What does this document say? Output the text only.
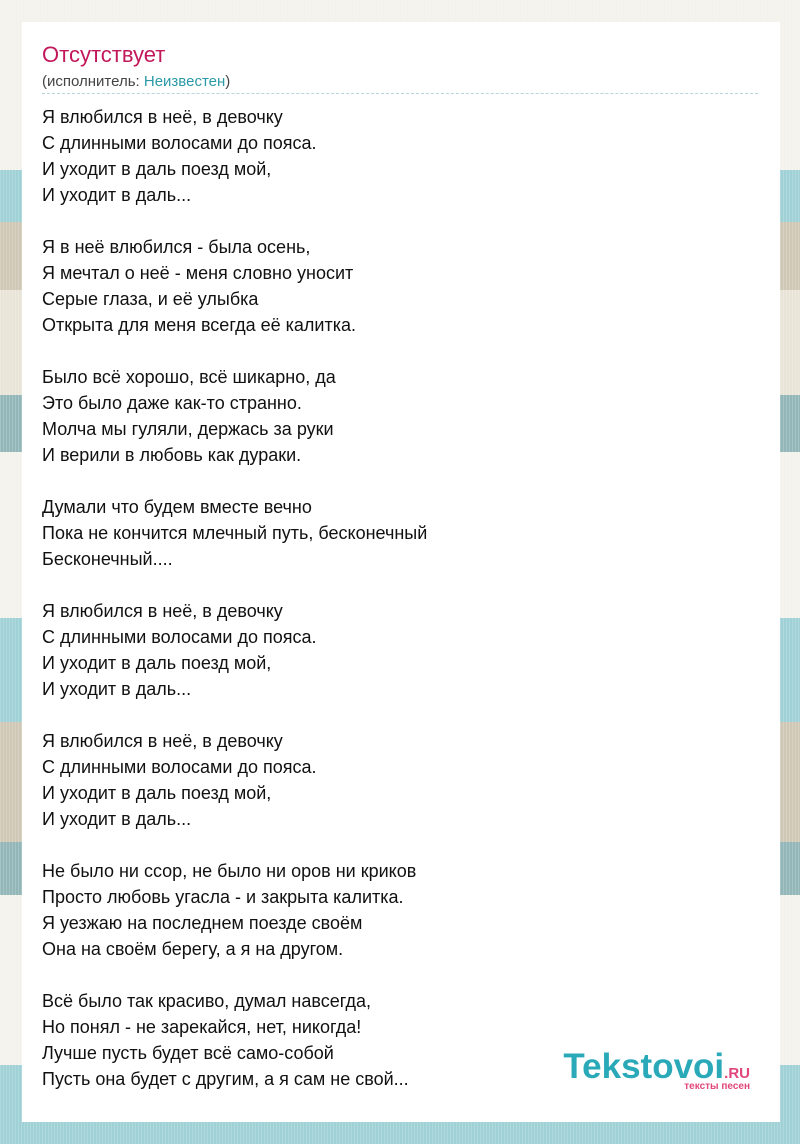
Отсутствует
(исполнитель: Неизвестен)
Я влюбился в неё, в девочку
С длинными волосами до пояса.
И уходит в даль поезд мой,
И уходит в даль...
Я в неё влюбился - была осень,
Я мечтал о неё - меня словно уносит
Серые глаза, и её улыбка
Открыта для меня всегда её калитка.
Было всё хорошо, всё шикарно, да
Это было даже как-то странно.
Молча мы гуляли, держась за руки
И верили в любовь как дураки.
Думали что будем вместе вечно
Пока не кончится млечный путь, бесконечный
Бесконечный....
Я влюбился в неё, в девочку
С длинными волосами до пояса.
И уходит в даль поезд мой,
И уходит в даль...
Я влюбился в неё, в девочку
С длинными волосами до пояса.
И уходит в даль поезд мой,
И уходит в даль...
Не было ни ссор, не было ни оров ни криков
Просто любовь угасла - и закрыта калитка.
Я уезжаю на последнем поезде своём
Она на своём берегу, а я на другом.
Всё было так красиво, думал навсегда,
Но понял - не зарекайся, нет, никогда!
Лучше пусть будет всё само-собой
Пусть она будет с другим, а я сам не свой...	Tekstovoi.RU
тексты песен
